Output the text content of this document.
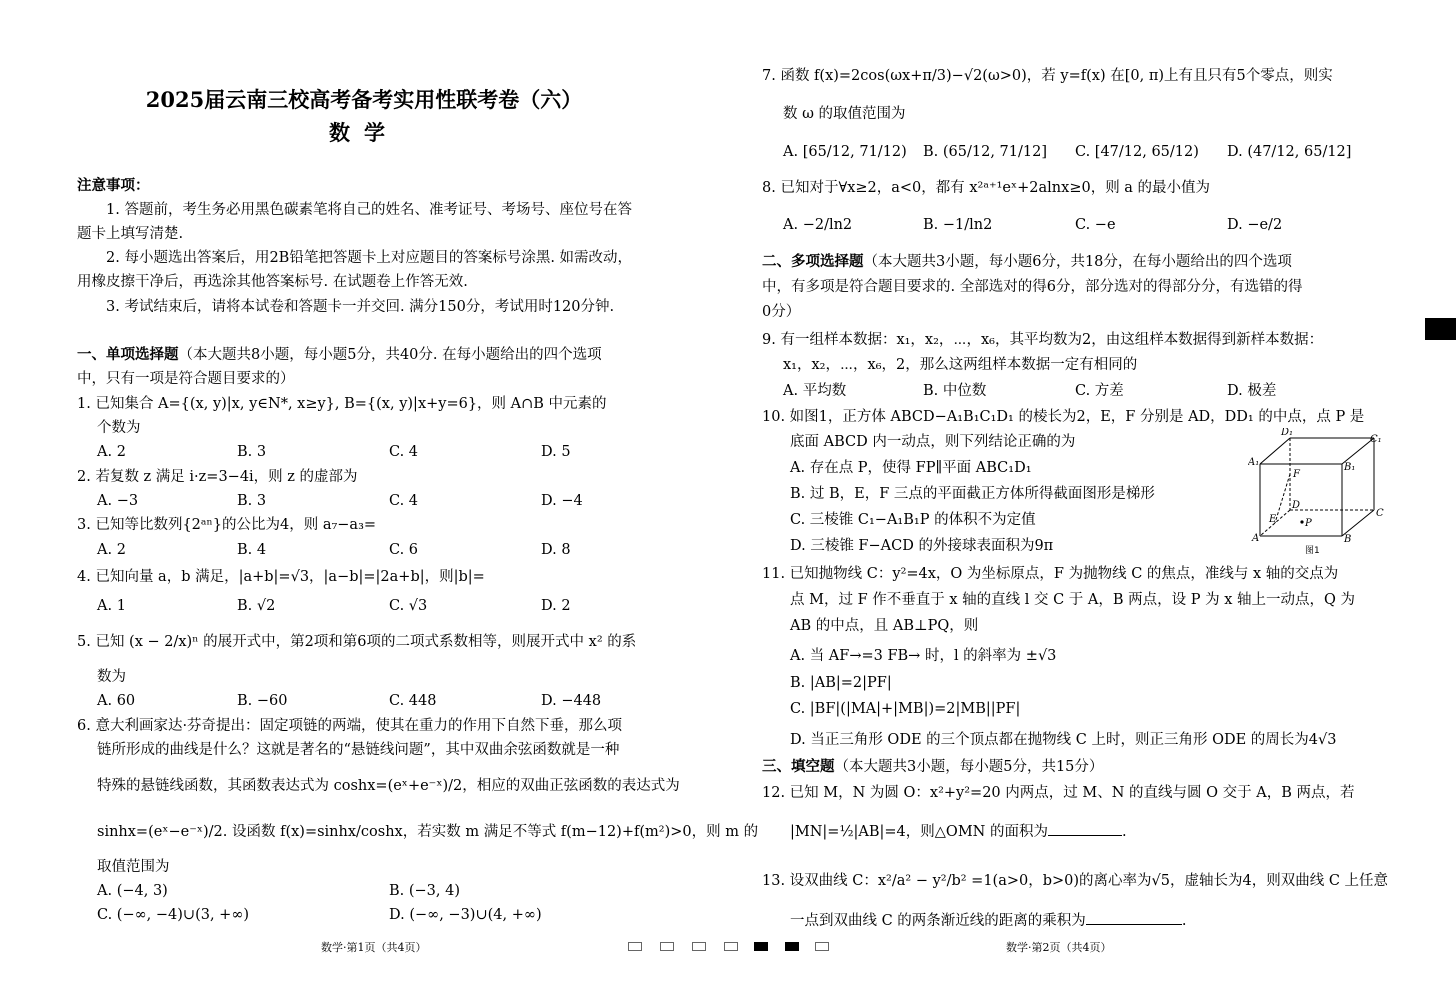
2025届云南三校高考备考实用性联考卷（六）
数学
注意事项：
1. 答题前，考生务必用黑色碳素笔将自己的姓名、准考证号、考场号、座位号在答
题卡上填写清楚.
2. 每小题选出答案后，用2B铅笔把答题卡上对应题目的答案标号涂黑. 如需改动，
用橡皮擦干净后，再选涂其他答案标号. 在试题卷上作答无效.
3. 考试结束后，请将本试卷和答题卡一并交回. 满分150分，考试用时120分钟.
一、单项选择题（本大题共8小题，每小题5分，共40分. 在每小题给出的四个选项
中，只有一项是符合题目要求的）
1. 已知集合 A={(x, y)|x, y∈N*, x≥y}, B={(x, y)|x+y=6}，则 A∩B 中元素的
个数为
A. 2	B. 3	C. 4	D. 5
2. 若复数 z 满足 i·z=3−4i，则 z 的虚部为
A. −3	B. 3	C. 4	D. −4
3. 已知等比数列{2ᵃⁿ}的公比为4，则 a₇−a₃=
A. 2	B. 4	C. 6	D. 8
4. 已知向量 a，b 满足，|a+b|=√3，|a−b|=|2a+b|，则|b|=
A. 1	B. √2	C. √3	D. 2
5. 已知 (x − 2/x)ⁿ 的展开式中，第2项和第6项的二项式系数相等，则展开式中 x² 的系
数为
A. 60	B. −60	C. 448	D. −448
6. 意大利画家达·芬奇提出：固定项链的两端，使其在重力的作用下自然下垂，那么项
链所形成的曲线是什么？这就是著名的“悬链线问题”，其中双曲余弦函数就是一种
特殊的悬链线函数，其函数表达式为 coshx=(eˣ+e⁻ˣ)/2，相应的双曲正弦函数的表达式为
sinhx=(eˣ−e⁻ˣ)/2. 设函数 f(x)=sinhx/coshx，若实数 m 满足不等式 f(m−12)+f(m²)>0，则 m 的
取值范围为
A. (−4, 3)	B. (−3, 4)
C. (−∞, −4)∪(3, +∞)	D. (−∞, −3)∪(4, +∞)
数学·第1页（共4页）
7. 函数 f(x)=2cos(ωx+π/3)−√2(ω>0)，若 y=f(x) 在[0, π)上有且只有5个零点，则实
数 ω 的取值范围为
A. [65/12, 71/12) B. (65/12, 71/12] C. [47/12, 65/12) D. (47/12, 65/12]
8. 已知对于∀x≥2，a<0，都有 x²ᵃ⁺¹eˣ+2alnx≥0，则 a 的最小值为
A. −2/ln2	B. −1/ln2	C. −e	D. −e/2
二、多项选择题（本大题共3小题，每小题6分，共18分，在每小题给出的四个选项
中，有多项是符合题目要求的. 全部选对的得6分，部分选对的得部分分，有选错的得
0分）
9. 有一组样本数据：x₁，x₂，⋯，x₆，其平均数为2，由这组样本数据得到新样本数据：
x₁，x₂，⋯，x₆，2，那么这两组样本数据一定有相同的
A. 平均数	B. 中位数	C. 方差	D. 极差
10. 如图1，正方体 ABCD−A₁B₁C₁D₁ 的棱长为2，E，F 分别是 AD，DD₁ 的中点，点 P 是
底面 ABCD 内一动点，则下列结论正确的为
A. 存在点 P，使得 FP∥平面 ABC₁D₁
B. 过 B，E，F 三点的平面截正方体所得截面图形是梯形
C. 三棱锥 C₁−A₁B₁P 的体积不为定值
D. 三棱锥 F−ACD 的外接球表面积为9π
11. 已知抛物线 C：y²=4x，O 为坐标原点，F 为抛物线 C 的焦点，准线与 x 轴的交点为
点 M，过 F 作不垂直于 x 轴的直线 l 交 C 于 A，B 两点，设 P 为 x 轴上一动点，Q 为
AB 的中点，且 AB⊥PQ，则
A. 当 AF→=3 FB→ 时，l 的斜率为 ±√3
B. |AB|=2|PF|
C. |BF|(|MA|+|MB|)=2|MB||PF|
D. 当正三角形 ODE 的三个顶点都在抛物线 C 上时，则正三角形 ODE 的周长为4√3
三、填空题（本大题共3小题，每小题5分，共15分）
12. 已知 M，N 为圆 O：x²+y²=20 内两点，过 M、N 的直线与圆 O 交于 A，B 两点，若
|MN|=½|AB|=4，则△OMN 的面积为	.
13. 设双曲线 C：x²/a² − y²/b² =1(a>0，b>0)的离心率为√5，虚轴长为4，则双曲线 C 上任意
一点到双曲线 C 的两条渐近线的距离的乘积为	.
数学·第2页（共4页）
D₁
C₁
A₁	B₁
F
D
C
E	P
A	B
图1
